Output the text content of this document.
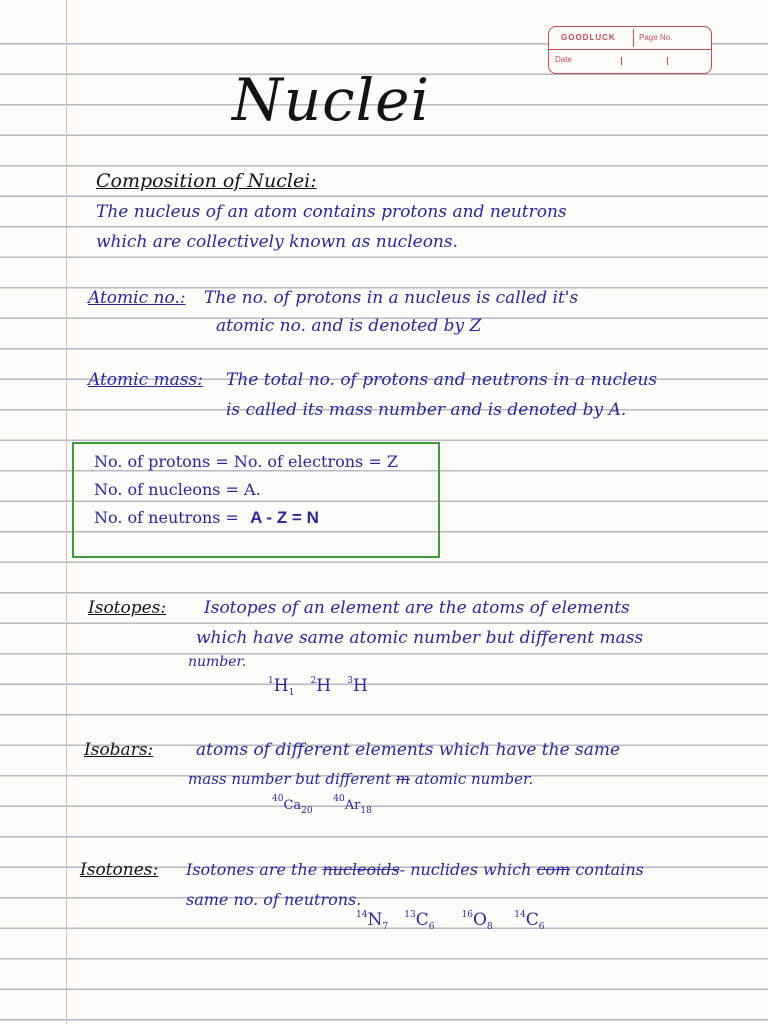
GOODLUCK	Page No.
Date
Nuclei
Composition of Nuclei:
The nucleus of an atom contains protons and neutrons
which are collectively known as nucleons.
Atomic no.: The no. of protons in a nucleus is called it's
atomic no. and is denoted by Z
Atomic mass: The total no. of protons and neutrons in a nucleus
is called its mass number and is denoted by A.
No. of protons = No. of electrons = Z
No. of nucleons = A.
No. of neutrons = A - Z = N
Isotopes: Isotopes of an element are the atoms of elements
which have same atomic number but different mass
number.
$^1H_1$   $^2$H $^3$H
Isobars:	atoms of different elements which have the same
mass number but different m atomic number.
$^{40}Ca_{20}$     $^{40}Ar_{18}$
Isotones: Isotones are the nucleoids- nuclides which com contains
same no. of neutrons.
$^{14}N_7$   $^{13}C_6$     $^{16}O_8$    $^{14}C_6$
